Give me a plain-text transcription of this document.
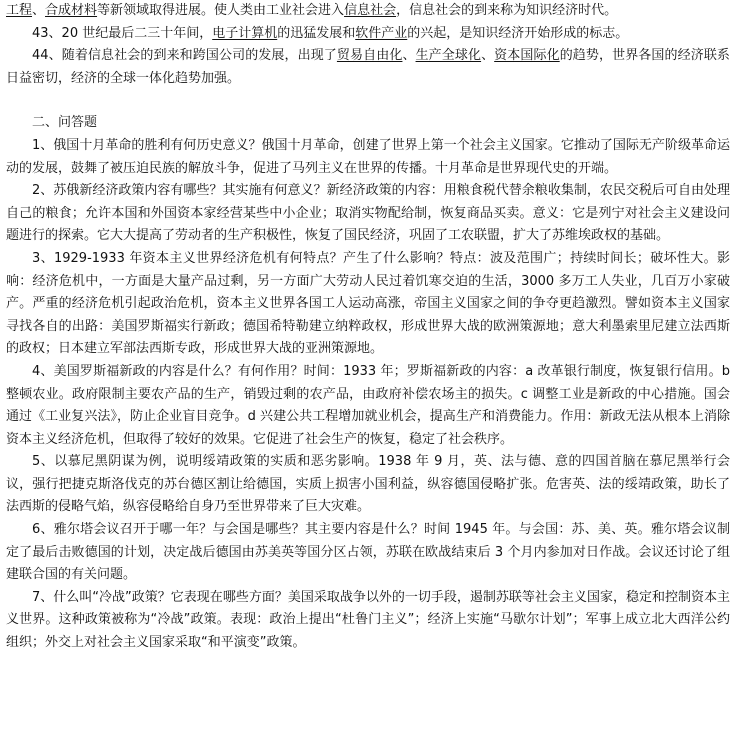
工程、合成材料等新领域取得进展。使人类由工业社会进入信息社会，信息社会的到来称为知识经济时代。

43、20 世纪最后二三十年间，电子计算机的迅猛发展和软件产业的兴起，是知识经济开始形成的标志。

44、随着信息社会的到来和跨国公司的发展，出现了贸易自由化、生产全球化、资本国际化的趋势，世界各国的经济联系日益密切，经济的全球一体化趋势加强。

二、问答题

1、俄国十月革命的胜利有何历史意义？俄国十月革命，创建了世界上第一个社会主义国家。它推动了国际无产阶级革命运动的发展，鼓舞了被压迫民族的解放斗争，促进了马列主义在世界的传播。十月革命是世界现代史的开端。

2、苏俄新经济政策内容有哪些？其实施有何意义？新经济政策的内容：用粮食税代替余粮收集制，农民交税后可自由处理自己的粮食；允许本国和外国资本家经营某些中小企业；取消实物配给制，恢复商品买卖。意义：它是列宁对社会主义建设问题进行的探索。它大大提高了劳动者的生产积极性，恢复了国民经济，巩固了工农联盟，扩大了苏维埃政权的基础。

3、1929-1933 年资本主义世界经济危机有何特点？产生了什么影响？特点：波及范围广；持续时间长；破坏性大。影响：经济危机中，一方面是大量产品过剩，另一方面广大劳动人民过着饥寒交迫的生活，3000 多万工人失业，几百万小家破产。严重的经济危机引起政治危机，资本主义世界各国工人运动高涨，帝国主义国家之间的争夺更趋激烈。譬如资本主义国家寻找各自的出路：美国罗斯福实行新政；德国希特勒建立纳粹政权，形成世界大战的欧洲策源地；意大利墨索里尼建立法西斯的政权；日本建立军部法西斯专政，形成世界大战的亚洲策源地。

4、美国罗斯福新政的内容是什么？有何作用？时间：1933 年；罗斯福新政的内容：a 改革银行制度，恢复银行信用。b 整顿农业。政府限制主要农产品的生产，销毁过剩的农产品，由政府补偿农场主的损失。c 调整工业是新政的中心措施。国会通过《工业复兴法》，防止企业盲目竞争。d 兴建公共工程增加就业机会，提高生产和消费能力。作用：新政无法从根本上消除资本主义经济危机，但取得了较好的效果。它促进了社会生产的恢复，稳定了社会秩序。

5、以慕尼黑阴谋为例，说明绥靖政策的实质和恶劣影响。1938 年 9 月，英、法与德、意的四国首脑在慕尼黑举行会议，强行把捷克斯洛伐克的苏台德区割让给德国，实质上损害小国利益，纵容德国侵略扩张。危害英、法的绥靖政策，助长了法西斯的侵略气焰，纵容侵略给自身乃至世界带来了巨大灾难。

6、雅尔塔会议召开于哪一年？与会国是哪些？其主要内容是什么？时间 1945 年。与会国：苏、美、英。雅尔塔会议制定了最后击败德国的计划，决定战后德国由苏美英等国分区占领，苏联在欧战结束后 3 个月内参加对日作战。会议还讨论了组建联合国的有关问题。

7、什么叫“冷战”政策？它表现在哪些方面？美国采取战争以外的一切手段，遏制苏联等社会主义国家，稳定和控制资本主义世界。这种政策被称为“冷战”政策。表现：政治上提出“杜鲁门主义”；经济上实施“马歇尔计划”；军事上成立北大西洋公约组织；外交上对社会主义国家采取“和平演变”政策。
